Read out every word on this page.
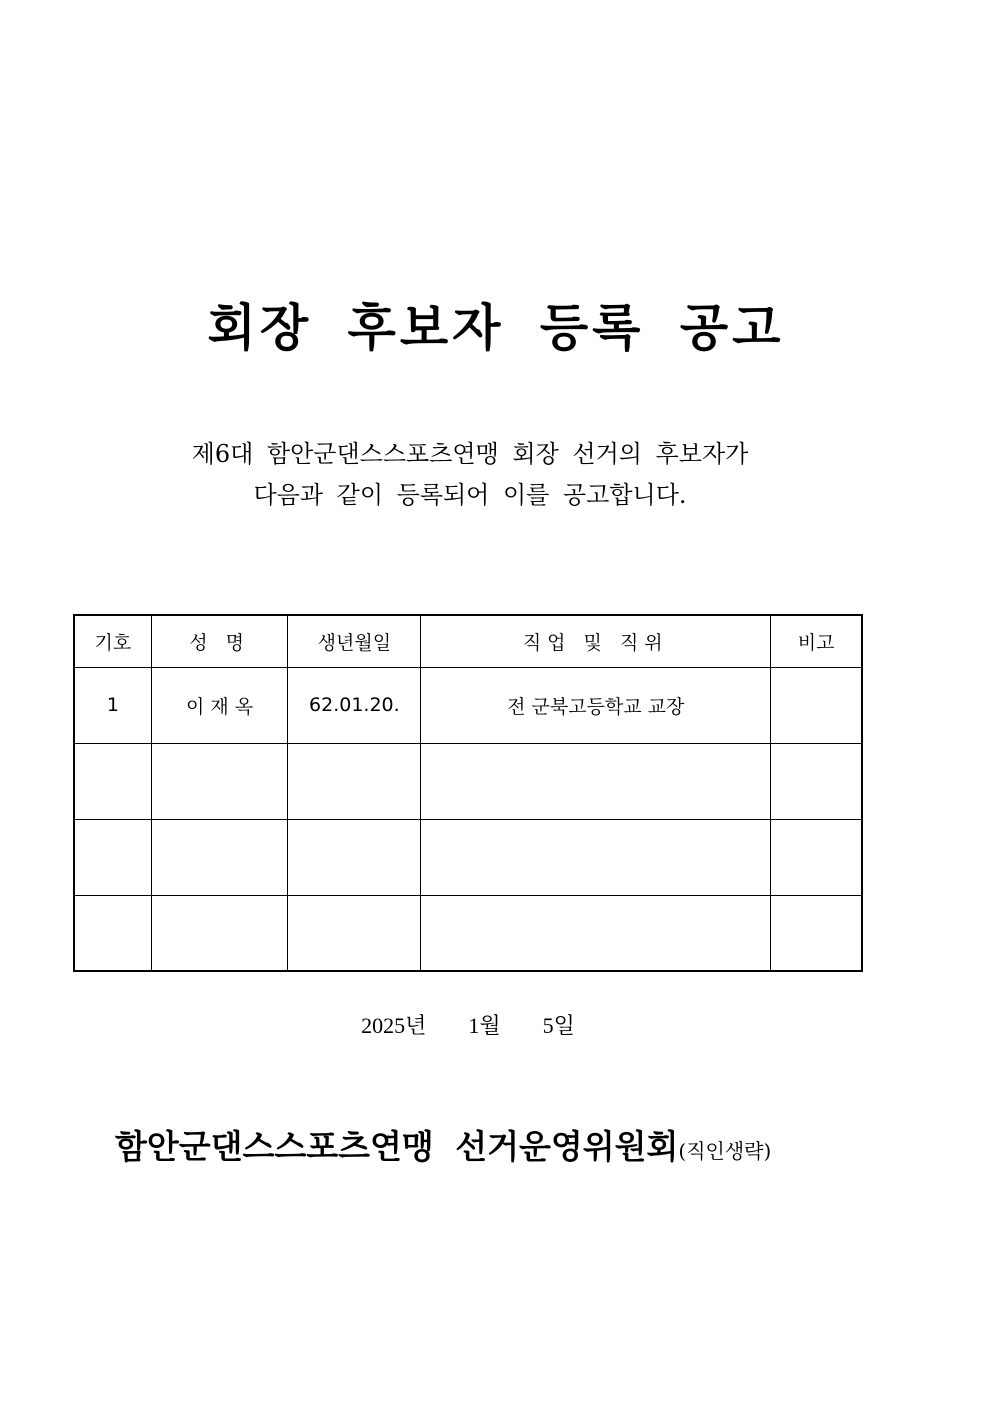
회장 후보자 등록 공고
제6대 함안군댄스스포츠연맹 회장 선거의 후보자가
다음과 같이 등록되어 이를 공고합니다.
기호	성 명	생년월일	직업 및 직위	비고
1	이 재 옥	62.01.20.	전 군북고등학교 교장	

2025년 1월 5일
함안군댄스스포츠연맹 선거운영위원회(직인생략)
